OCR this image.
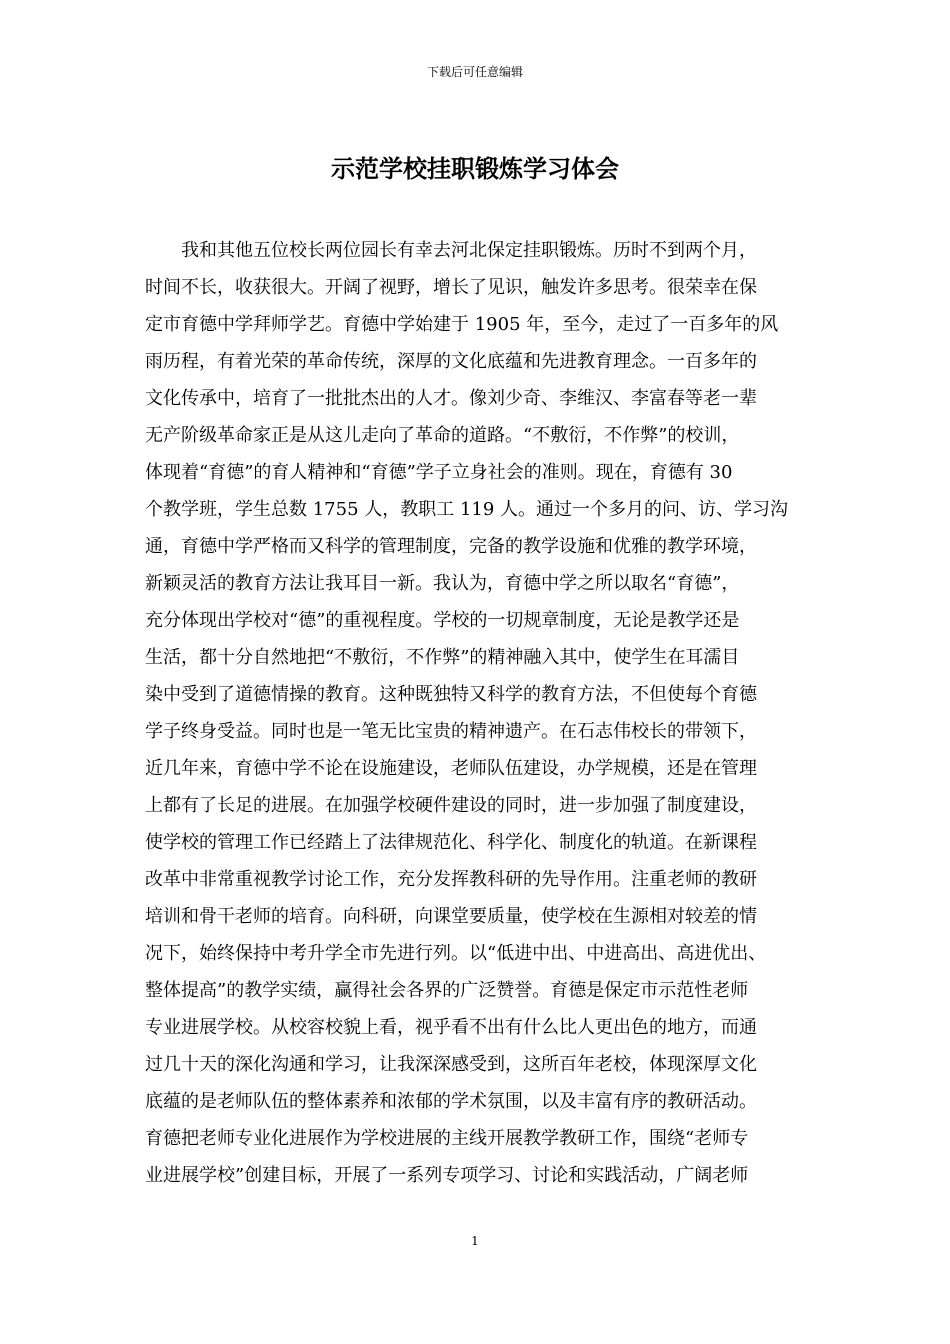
下载后可任意编辑
示范学校挂职锻炼学习体会
我和其他五位校长两位园长有幸去河北保定挂职锻炼。历时不到两个月，
时间不长，收获很大。开阔了视野，增长了见识，触发许多思考。很荣幸在保
定市育德中学拜师学艺。育德中学始建于 1905 年，至今，走过了一百多年的风
雨历程，有着光荣的革命传统，深厚的文化底蕴和先进教育理念。一百多年的
文化传承中，培育了一批批杰出的人才。像刘少奇、李维汉、李富春等老一辈
无产阶级革命家正是从这儿走向了革命的道路。“不敷衍，不作弊”的校训，
体现着“育德”的育人精神和“育德”学子立身社会的准则。现在，育德有 30
个教学班，学生总数 1755 人，教职工 119 人。通过一个多月的问、访、学习沟
通，育德中学严格而又科学的管理制度，完备的教学设施和优雅的教学环境，
新颖灵活的教育方法让我耳目一新。我认为，育德中学之所以取名“育德”，
充分体现出学校对“德”的重视程度。学校的一切规章制度，无论是教学还是
生活，都十分自然地把“不敷衍，不作弊”的精神融入其中，使学生在耳濡目
染中受到了道德情操的教育。这种既独特又科学的教育方法，不但使每个育德
学子终身受益。同时也是一笔无比宝贵的精神遗产。在石志伟校长的带领下，
近几年来，育德中学不论在设施建设，老师队伍建设，办学规模，还是在管理
上都有了长足的进展。在加强学校硬件建设的同时，进一步加强了制度建设，
使学校的管理工作已经踏上了法律规范化、科学化、制度化的轨道。在新课程
改革中非常重视教学讨论工作，充分发挥教科研的先导作用。注重老师的教研
培训和骨干老师的培育。向科研，向课堂要质量，使学校在生源相对较差的情
况下，始终保持中考升学全市先进行列。以“低进中出、中进高出、高进优出、
整体提高”的教学实绩，赢得社会各界的广泛赞誉。育德是保定市示范性老师
专业进展学校。从校容校貌上看，视乎看不出有什么比人更出色的地方，而通
过几十天的深化沟通和学习，让我深深感受到，这所百年老校，体现深厚文化
底蕴的是老师队伍的整体素养和浓郁的学术氛围，以及丰富有序的教研活动。
育德把老师专业化进展作为学校进展的主线开展教学教研工作，围绕“老师专
业进展学校”创建目标，开展了一系列专项学习、讨论和实践活动，广阔老师
1
